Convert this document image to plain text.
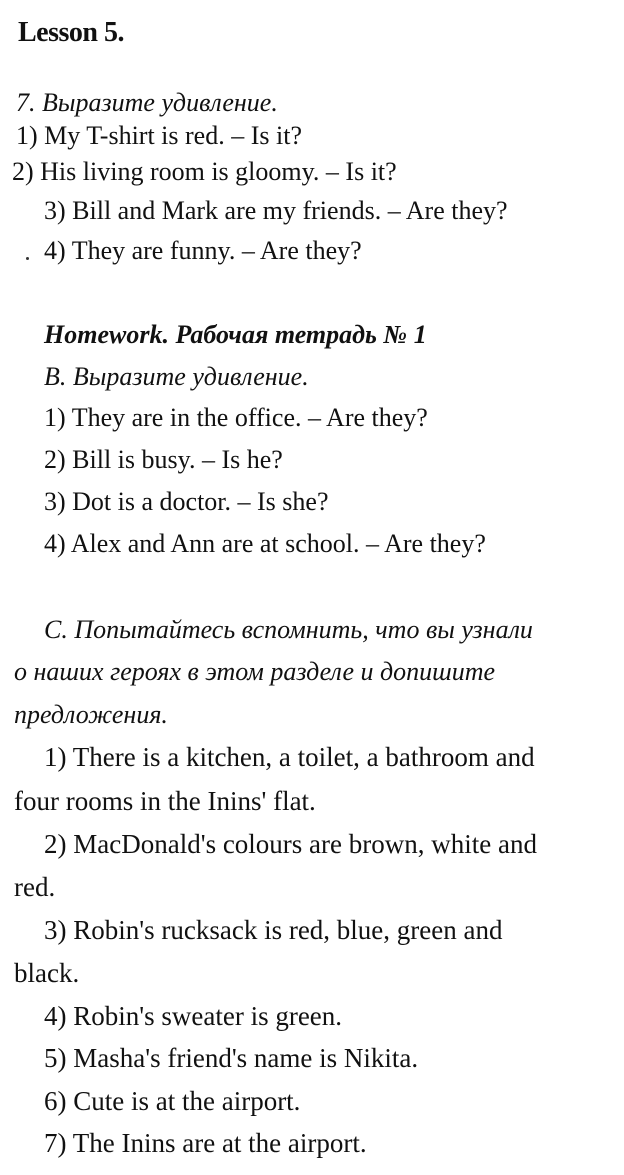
Lesson 5.
7. Выразите удивление.
1) My T-shirt is red. – Is it?
2) His living room is gloomy. – Is it?
3) Bill and Mark are my friends. – Are they?
4) They are funny. – Are they?
Homework. Рабочая тетрадь № 1
B. Выразите удивление.
1) They are in the office. – Are they?
2) Bill is busy. – Is he?
3) Dot is a doctor. – Is she?
4) Alex and Ann are at school. – Are they?
С. Попытайтесь вспомнить, что вы узнали
о наших героях в этом разделе и допишите
предложения.
1) There is a kitchen, a toilet, a bathroom and
four rooms in the Inins' flat.
2) MacDonald's colours are brown, white and
red.
3) Robin's rucksack is red, blue, green and
black.
4) Robin's sweater is green.
5) Masha's friend's name is Nikita.
6) Cute is at the airport.
7) The Inins are at the airport.
